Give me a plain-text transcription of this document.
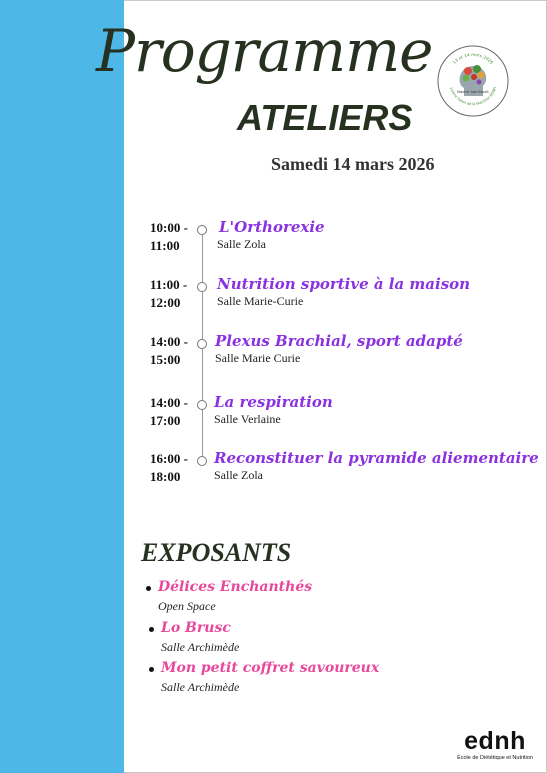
Programme
ATELIERS
Samedi 14 mars 2026
13 et 14 mars 2026
11ème Salon de la Nutrition EDNH
Nourrir son Esprit
10:00 -
11:00
L'Orthorexie
Salle Zola
11:00 -
12:00
Nutrition sportive à la maison
Salle Marie-Curie
14:00 -
15:00
Plexus Brachial, sport adapté
Salle Marie Curie
14:00 -
17:00
La respiration
Salle Verlaine
16:00 -
18:00
Reconstituer la pyramide aliementaire
Salle Zola
EXPOSANTS
Délices Enchanthés
Open Space
Lo Brusc
Salle Archimède
Mon petit coffret savoureux
Salle Archimède
ednh
École de Diététique et Nutrition
